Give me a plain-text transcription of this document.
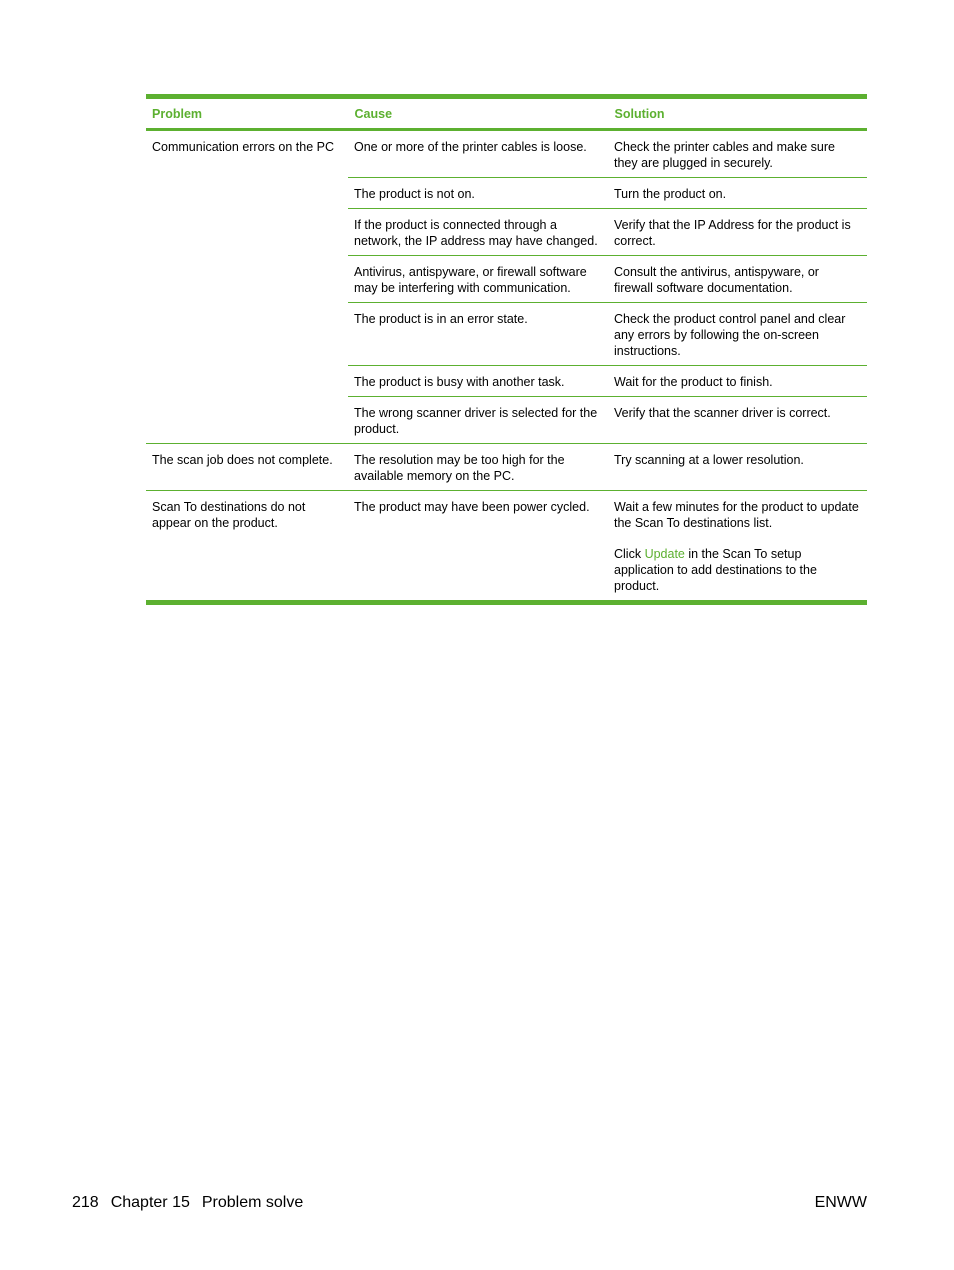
Problem	Cause	Solution
Communication errors on the PC	One or more of the printer cables is loose.	Check the printer cables and make sure they are plugged in securely.
	The product is not on.	Turn the product on.
	If the product is connected through a network, the IP address may have changed.	Verify that the IP Address for the product is correct.
	Antivirus, antispyware, or firewall software may be interfering with communication.	Consult the antivirus, antispyware, or firewall software documentation.
	The product is in an error state.	Check the product control panel and clear any errors by following the on-screen instructions.
	The product is busy with another task.	Wait for the product to finish.
	The wrong scanner driver is selected for the product.	Verify that the scanner driver is correct.
The scan job does not complete.	The resolution may be too high for the available memory on the PC.	Try scanning at a lower resolution.
Scan To destinations do not appear on the product.	The product may have been power cycled.	Wait a few minutes for the product to update the Scan To destinations list.
Click Update in the Scan To setup application to add destinations to the product.
218 Chapter 15 Problem solve	ENWW
